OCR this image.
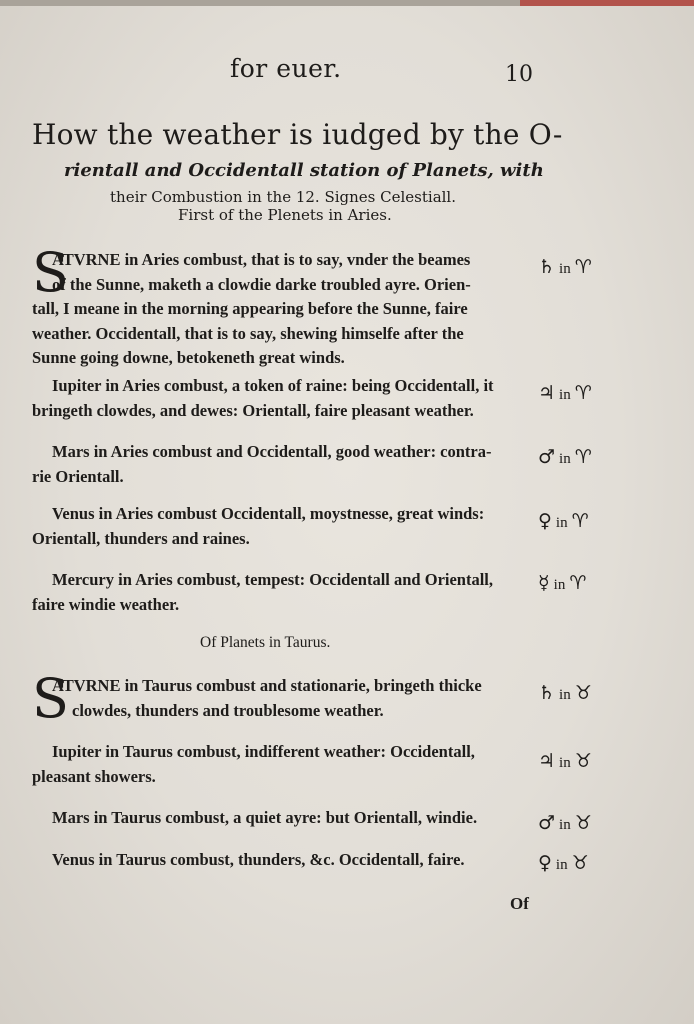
for euer.	10
How the weather is iudged by the O-
rientall and Occidentall station of Planets, with
their Combustion in the 12. Signes Celestiall.
First of the Plenets in Aries.
S
ATVRNE in Aries combust, that is to say, vnder the beames
of the Sunne, maketh a clowdie darke troubled ayre. Orien-
tall, I meane in the morning appearing before the Sunne, faire
weather. Occidentall, that is to say, shewing himselfe after the
Sunne going downe, betokeneth great winds.
♄ in ♈
Iupiter in Aries combust, a token of raine: being Occidentall, it
bringeth clowdes, and dewes: Orientall, faire pleasant weather.
♃ in ♈
Mars in Aries combust and Occidentall, good weather: contra-
rie Orientall.
♂ in ♈
Venus in Aries combust Occidentall, moystnesse, great winds:
Orientall, thunders and raines.
♀ in ♈
Mercury in Aries combust, tempest: Occidentall and Orientall,
faire windie weather.
☿ in ♈
Of Planets in Taurus.
S
ATVRNE in Taurus combust and stationarie, bringeth thicke
clowdes, thunders and troublesome weather.
♄ in ♉
Iupiter in Taurus combust, indifferent weather: Occidentall,
pleasant showers.
♃ in ♉
Mars in Taurus combust, a quiet ayre: but Orientall, windie.	♂ in ♉
Venus in Taurus combust, thunders, &c. Occidentall, faire.	♀ in ♉
Of
